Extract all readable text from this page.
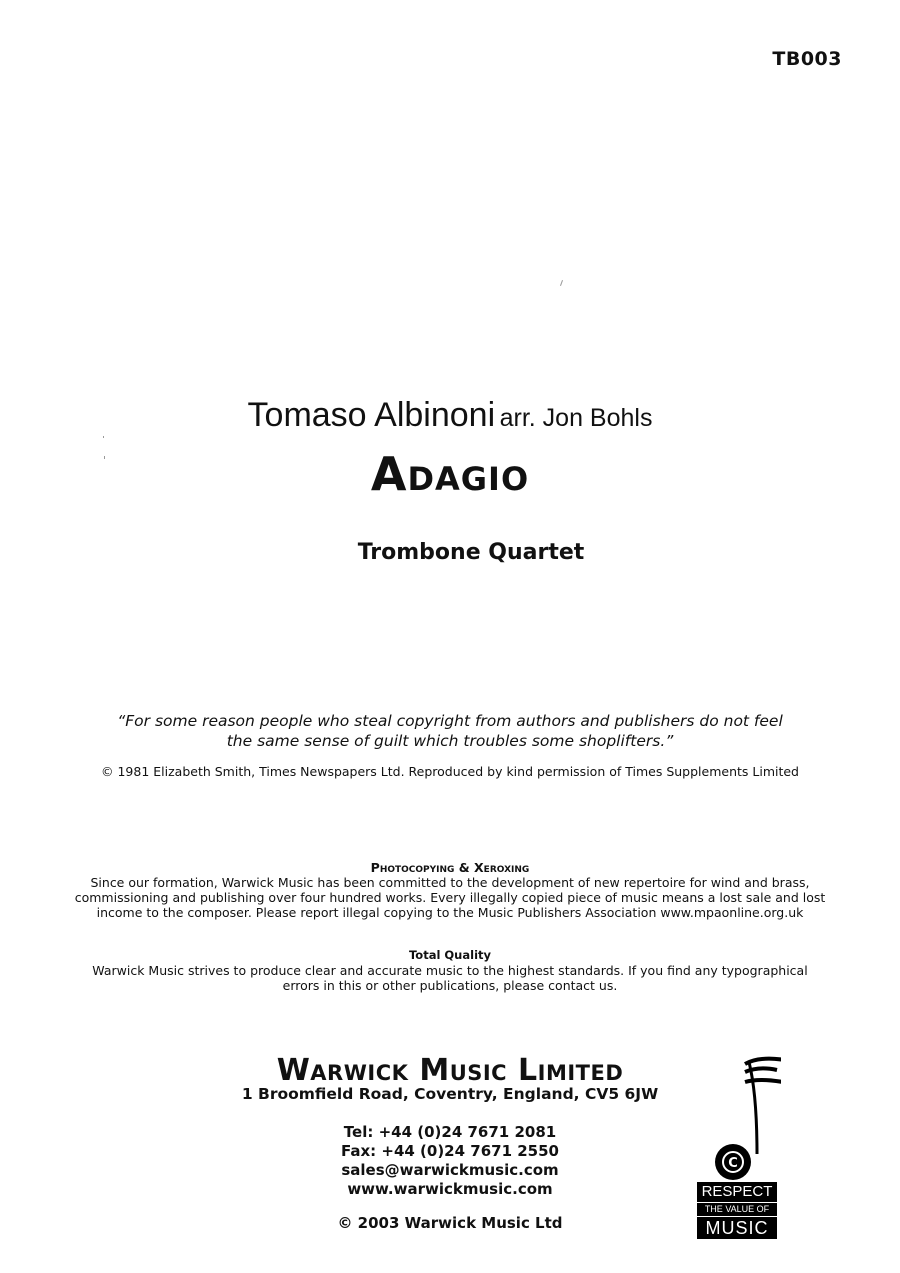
TB003
Tomaso Albinoni arr. Jon Bohls
Adagio
Trombone Quartet
“For some reason people who steal copyright from authors and publishers do not feel
the same sense of guilt which troubles some shoplifters.”
© 1981 Elizabeth Smith, Times Newspapers Ltd. Reproduced by kind permission of Times Supplements Limited
Photocopying & Xeroxing
Since our formation, Warwick Music has been committed to the development of new repertoire for wind and brass,
commissioning and publishing over four hundred works. Every illegally copied piece of music means a lost sale and lost
income to the composer. Please report illegal copying to the Music Publishers Association www.mpaonline.org.uk
Total Quality
Warwick Music strives to produce clear and accurate music to the highest standards. If you find any typographical
errors in this or other publications, please contact us.
Warwick Music Limited
1 Broomfield Road, Coventry, England, CV5 6JW
Tel: +44 (0)24 7671 2081
Fax: +44 (0)24 7671 2550
sales@warwickmusic.com
www.warwickmusic.com
© 2003 Warwick Music Ltd
C
RESPECT
THE VALUE OF
MUSIC
